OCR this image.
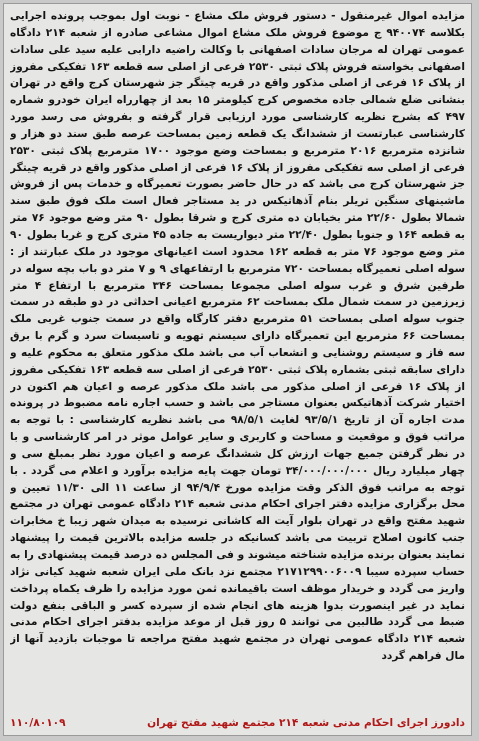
مزایده اموال غیرمنقول - دستور فروش ملک مشاع - نوبت اول بموجب پرونده اجرایی بکلاسه ۹۴۰۰۷۴ ج موضوع فروش ملک مشاع اموال مشاعی صادره از شعبه ۲۱۴ دادگاه عمومی تهران له مرجان سادات اصفهانی با وکالت راضیه دارابی علیه سید علی سادات اصفهانی بخواسته فروش پلاک ثبتی ۲۵۳۰ فرعی از اصلی سه قطعه ۱۶۳ تفکیکی مفروز از پلاک ۱۶ فرعی از اصلی مذکور واقع در قریه چیتگر جز شهرستان کرج واقع در تهران بنشانی ضلع شمالی جاده مخصوص کرج کیلومتر ۱۵ بعد از چهارراه ایران خودرو شماره ۴۹۷ که بشرح نظریه کارشناسی مورد ارزیابی قرار گرفته و بفروش می رسد مورد کارشناسی عبارتست از ششدانگ یک قطعه زمین بمساحت عرصه طبق سند دو هزار و شانزده مترمربع ۲۰۱۶ مترمربع و بمساحت وضع موجود ۱۷۰۰ مترمربع پلاک ثبتی ۲۵۳۰ فرعی از اصلی سه تفکیکی مفروز از پلاک ۱۶ فرعی از اصلی مذکور واقع در قریه چیتگر جز شهرستان کرج می باشد که در حال حاضر بصورت تعمیرگاه و خدمات پس از فروش ماشینهای سنگین تریلر بنام آذهاتیکس در ید مستاجر فعال است ملک فوق طبق سند شمالا بطول ۲۲/۶۰ متر بخیابان ده متری کرج و شرقا بطول ۹۰ متر وضع موجود ۷۶ متر به قطعه ۱۶۴ و جنوبا بطول ۲۲/۴۰ متر دیواریست به جاده ۴۵ متری کرج و غربا بطول ۹۰ متر وضع موجود ۷۶ متر به قطعه ۱۶۲ محدود است اعیانهای موجود در ملک عبارتند از : سوله اصلی تعمیرگاه بمساحت ۷۲۰ مترمربع با ارتفاعهای ۹ و ۷ متر دو باب بچه سوله در طرفین شرق و غرب سوله اصلی مجموعا بمساحت ۳۴۶ مترمربع با ارتفاع ۴ متر زیرزمین در سمت شمال ملک بمساحت ۶۲ مترمربع اعیانی احداثی در دو طبقه در سمت جنوب سوله اصلی بمساحت ۵۱ مترمربع دفتر کارگاه واقع در سمت جنوب غربی ملک بمساحت ۶۶ مترمربع این تعمیرگاه دارای سیستم تهویه و تاسیسات سرد و گرم با برق سه فاز و سیستم روشنایی و انشعاب آب می باشد ملک مذکور متعلق به محکوم علیه و دارای سابقه ثبتی بشماره پلاک ثبتی ۲۵۳۰ فرعی از اصلی سه قطعه ۱۶۳ تفکیکی مفروز از پلاک ۱۶ فرعی از اصلی مذکور می باشد ملک مذکور عرصه و اعیان هم اکنون در اختیار شرکت آذهاتیکس بعنوان مستاجر می باشد و حسب اجاره نامه مضبوط در پرونده مدت اجاره آن از تاریخ ۹۳/۵/۱ لغایت ۹۸/۵/۱ می باشد نظریه کارشناسی : با توجه به مراتب فوق و موقعیت و مساحت و کاربری و سایر عوامل موثر در امر کارشناسی و با در نظر گرفتن جمیع جهات ارزش کل ششدانگ عرصه و اعیان مورد نظر بمبلغ سی و چهار میلیارد ریال ۳۴/۰۰۰/۰۰۰/۰۰۰ تومان جهت پایه مزایده برآورد و اعلام می گردد . با توجه به مراتب فوق الذکر وقت مزایده مورخ ۹۴/۹/۴ از ساعت ۱۱ الی ۱۱/۳۰ تعیین و محل برگزاری مزایده دفتر اجرای احکام مدنی شعبه ۲۱۴ دادگاه عمومی تهران در مجتمع شهید مفتح واقع در تهران بلوار آیت اله کاشانی نرسیده به میدان شهر زیبا خ مخابرات جنب کانون اصلاح تربیت می باشد کسانیکه در جلسه مزایده بالاترین قیمت را پیشنهاد نمایند بعنوان برنده مزایده شناخته میشوند و فی المجلس ده درصد قیمت پیشنهادی را به حساب سپرده سیبا ۲۱۷۱۲۹۹۰۰۶۰۰۹ مجتمع نزد بانک ملی ایران شعبه شهید کیانی نژاد واریز می گردد و خریدار موظف است باقیمانده ثمن مورد مزایده را ظرف یکماه پرداخت نماید در غیر اینصورت بدوا هزینه های انجام شده از سپرده کسر و الباقی بنفع دولت ضبط می گردد طالبین می توانند ۵ روز قبل از موعد مزایده بدفتر اجرای احکام مدنی شعبه ۲۱۴ دادگاه عمومی تهران در مجتمع شهید مفتح مراجعه تا موجبات بازدید آنها از مال فراهم گردد

دادورز اجرای احکام مدنی شعبه ۲۱۴ مجتمع شهید مفتح تهران
۱۱۰/۸۰۱۰۹
